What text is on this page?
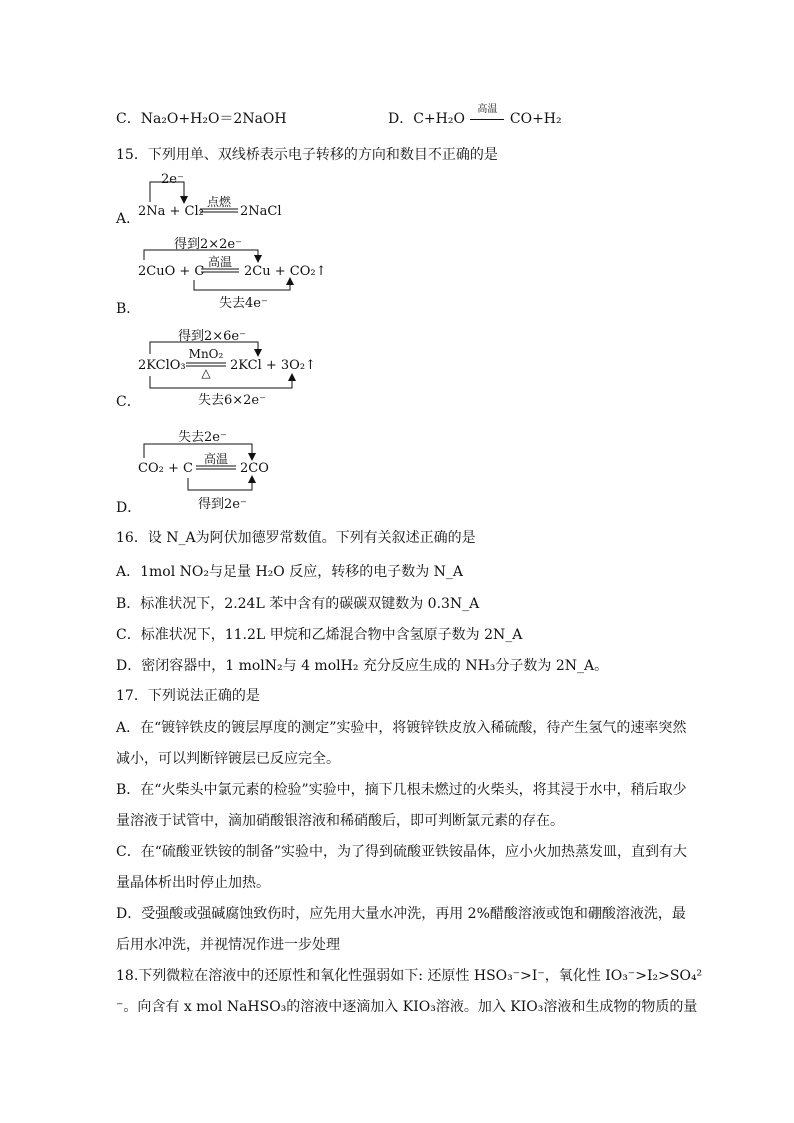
C．Na₂O+H₂O＝2NaOH	D．C+H₂O
高温
CO+H₂
15．下列用单、双线桥表示电子转移的方向和数目不正确的是
2e⁻
A．
2Na + Cl₂
点燃
2NaCl
得到2×2e⁻
2CuO + C
高温
2Cu + CO₂↑
失去4e⁻
B．
得到2×6e⁻
2KClO₃
MnO₂
△	2KCl + 3O₂↑
失去6×2e⁻
C．
失去2e⁻
CO₂ + C
高温
2CO
得到2e⁻
D．
16．设 N_A为阿伏加德罗常数值。下列有关叙述正确的是
A．1mol NO₂与足量 H₂O 反应，转移的电子数为 N_A
B．标准状况下，2.24L 苯中含有的碳碳双键数为 0.3N_A
C．标准状况下，11.2L 甲烷和乙烯混合物中含氢原子数为 2N_A
D．密闭容器中，1 molN₂与 4 molH₂ 充分反应生成的 NH₃分子数为 2N_A。
17．下列说法正确的是
A．在“镀锌铁皮的镀层厚度的测定”实验中，将镀锌铁皮放入稀硫酸，待产生氢气的速率突然
减小，可以判断锌镀层已反应完全。
B．在“火柴头中氯元素的检验”实验中，摘下几根未燃过的火柴头，将其浸于水中，稍后取少
量溶液于试管中，滴加硝酸银溶液和稀硝酸后，即可判断氯元素的存在。
C．在“硫酸亚铁铵的制备”实验中，为了得到硫酸亚铁铵晶体，应小火加热蒸发皿，直到有大
量晶体析出时停止加热。
D．受强酸或强碱腐蚀致伤时，应先用大量水冲洗，再用 2%醋酸溶液或饱和硼酸溶液洗，最
后用水冲洗，并视情况作进一步处理
18.下列微粒在溶液中的还原性和氧化性强弱如下: 还原性 HSO₃⁻>I⁻，氧化性 IO₃⁻>I₂>SO₄²
⁻。向含有 x mol NaHSO₃的溶液中逐滴加入 KIO₃溶液。加入 KIO₃溶液和生成物的物质的量
